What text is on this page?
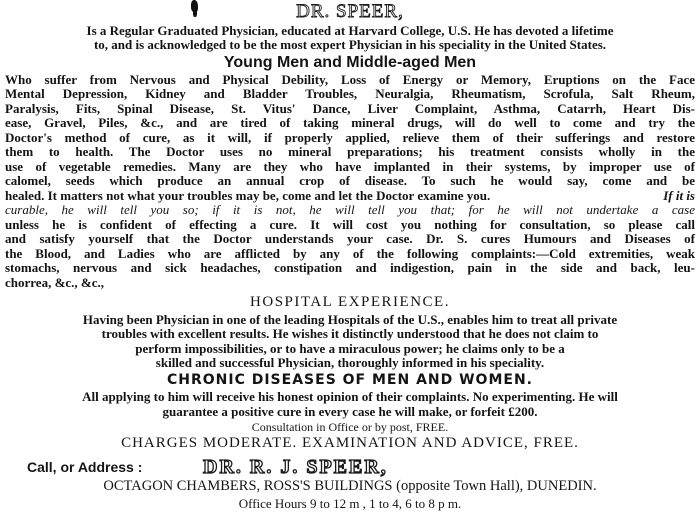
DR. SPEER,
Is a Regular Graduated Physician, educated at Harvard College, U.S. He has devoted a lifetime
to, and is acknowledged to be the most expert Physician in his speciality in the United States.
Young Men and Middle-aged Men
Who suffer from Nervous and Physical Debility, Loss of Energy or Memory, Eruptions on the Face
Mental Depression, Kidney and Bladder Troubles, Neuralgia, Rheumatism, Scrofula, Salt Rheum,
Paralysis, Fits, Spinal Disease, St. Vitus' Dance, Liver Complaint, Asthma, Catarrh, Heart Dis-
ease, Gravel, Piles, &c., and are tired of taking mineral drugs, will do well to come and try the
Doctor's method of cure, as it will, if properly applied, relieve them of their sufferings and restore
them to health. The Doctor uses no mineral preparations; his treatment consists wholly in the
use of vegetable remedies. Many are they who have implanted in their systems, by improper use of
calomel, seeds which produce an annual crop of disease. To such he would say, come and be
healed. It matters not what your troubles may be, come and let the Doctor examine you.	If it is
curable, he will tell you so; if it is not, he will tell you that; for he will not undertake a case
unless he is confident of effecting a cure. It will cost you nothing for consultation, so please call
and satisfy yourself that the Doctor understands your case. Dr. S. cures Humours and Diseases of
the Blood, and Ladies who are afflicted by any of the following complaints:—Cold extremities, weak
stomachs, nervous and sick headaches, constipation and indigestion, pain in the side and back, leu-
chorrea, &c., &c.,
HOSPITAL EXPERIENCE.
Having been Physician in one of the leading Hospitals of the U.S., enables him to treat all private
troubles with excellent results. He wishes it distinctly understood that he does not claim to
perform impossibilities, or to have a miraculous power; he claims only to be a
skilled and successful Physician, thoroughly informed in his speciality.
CHRONIC DISEASES OF MEN AND WOMEN.
All applying to him will receive his honest opinion of their complaints. No experimenting. He will
guarantee a positive cure in every case he will make, or forfeit £200.
Consultation in Office or by post, FREE.
CHARGES MODERATE. EXAMINATION AND ADVICE, FREE.
Call, or Address :	DR. R. J. SPEER,
OCTAGON CHAMBERS, ROSS'S BUILDINGS (opposite Town Hall), DUNEDIN.
Office Hours 9 to 12 m , 1 to 4, 6 to 8 p m.
